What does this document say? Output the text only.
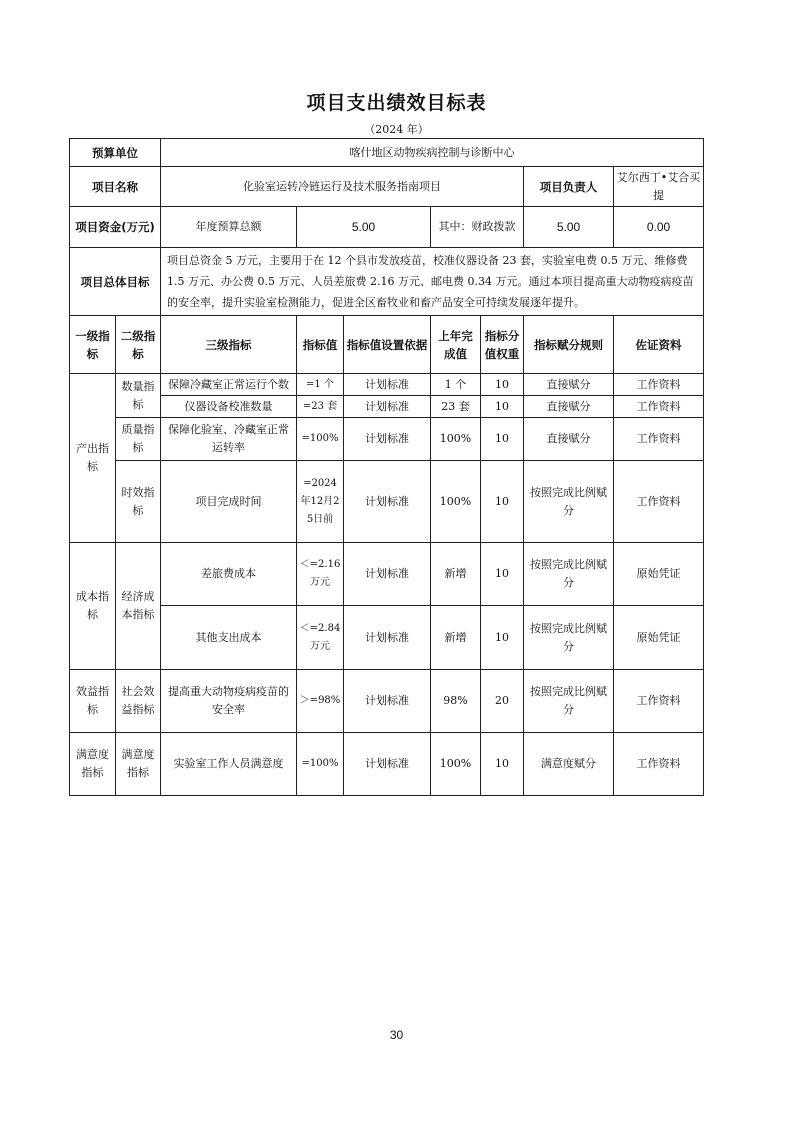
项目支出绩效目标表
（2024 年）
预算单位		喀什地区动物疾病控制与诊断中心						
项目名称		化验室运转冷链运行及技术服务指南项目					项目负责人	艾尔西丁•艾合买提
项目资金(万元)		年度预算总额	5.00		其中：财政拨款		5.00	0.00
项目总体目标		项目总资金 5 万元，主要用于在 12 个县市发放疫苗，校准仪器设备 23 套，实验室电费 0.5 万元、维修费 1.5 万元、办公费 0.5 万元、人员差旅费 2.16 万元、邮电费 0.34 万元。通过本项目提高重大动物疫病疫苗的安全率，提升实验室检测能力，促进全区畜牧业和畜产品安全可持续发展逐年提升。						
一级指标	二级指标	三级指标	指标值	指标值设置依据	上年完成值	指标分值权重	指标赋分规则	佐证资料
产出指标	数量指标	保障冷藏室正常运行个数	=1 个	计划标准	1 个	10	直接赋分	工作资料
		仪器设备校准数量	=23 套	计划标准	23 套	10	直接赋分	工作资料
	质量指标	保障化验室、冷藏室正常运转率	=100%	计划标准	100%	10	直接赋分	工作资料
	时效指标	项目完成时间	=2024年12月25日前	计划标准	100%	10	按照完成比例赋分	工作资料
成本指标	经济成本指标	差旅费成本	＜=2.16万元	计划标准	新增	10	按照完成比例赋分	原始凭证
		其他支出成本	＜=2.84万元	计划标准	新增	10	按照完成比例赋分	原始凭证
效益指标	社会效益指标	提高重大动物疫病疫苗的安全率	＞=98%	计划标准	98%	20	按照完成比例赋分	工作资料
满意度指标	满意度指标	实验室工作人员满意度	=100%	计划标准	100%	10	满意度赋分	工作资料
30
